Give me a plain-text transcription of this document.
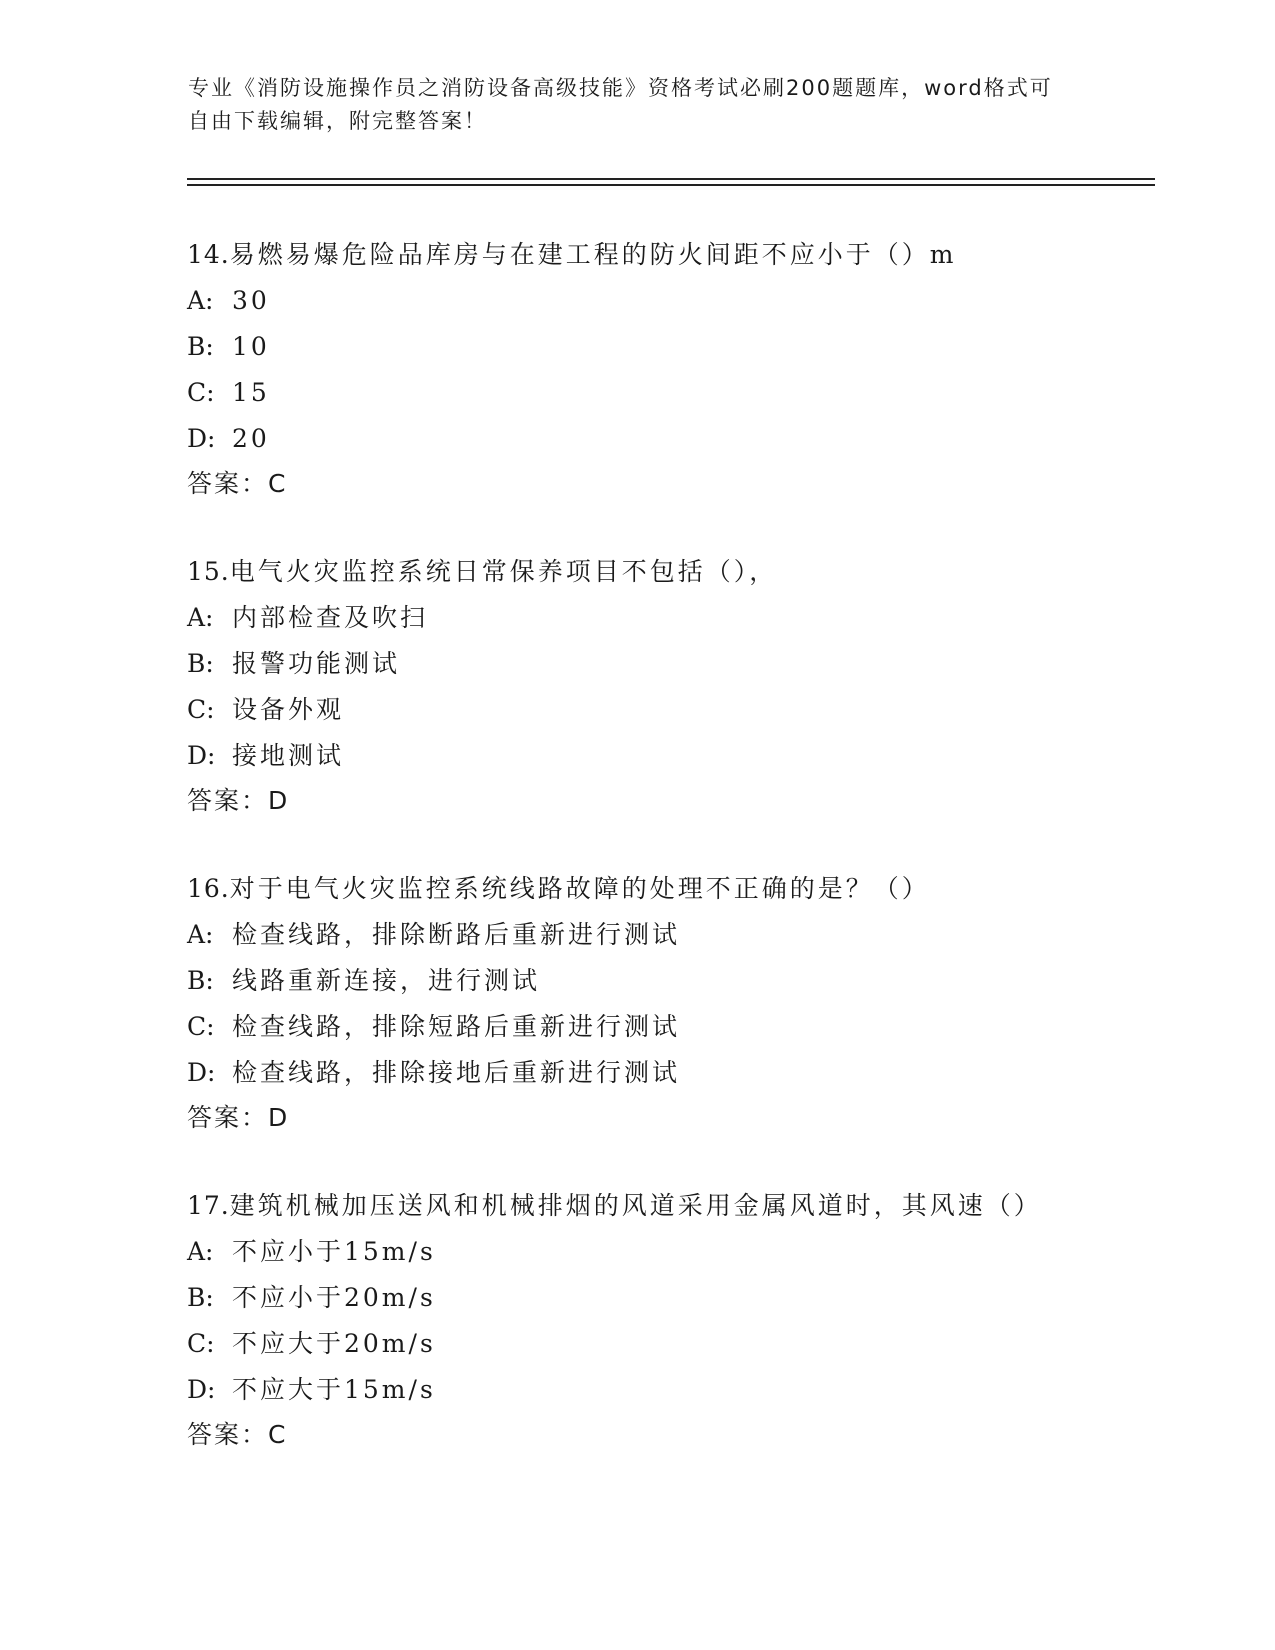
专业《消防设施操作员之消防设备高级技能》资格考试必刷200题题库，word格式可自由下载编辑，附完整答案！
14.易燃易爆危险品库房与在建工程的防火间距不应小于（）m
A: 30
B: 10
C: 15
D: 20
答案：C
15.电气火灾监控系统日常保养项目不包括（），
A: 内部检查及吹扫
B: 报警功能测试
C: 设备外观
D: 接地测试
答案：D
16.对于电气火灾监控系统线路故障的处理不正确的是？（）
A: 检查线路，排除断路后重新进行测试
B: 线路重新连接，进行测试
C: 检查线路，排除短路后重新进行测试
D: 检查线路，排除接地后重新进行测试
答案：D
17.建筑机械加压送风和机械排烟的风道采用金属风道时，其风速（）
A: 不应小于15m/s
B: 不应小于20m/s
C: 不应大于20m/s
D: 不应大于15m/s
答案：C
